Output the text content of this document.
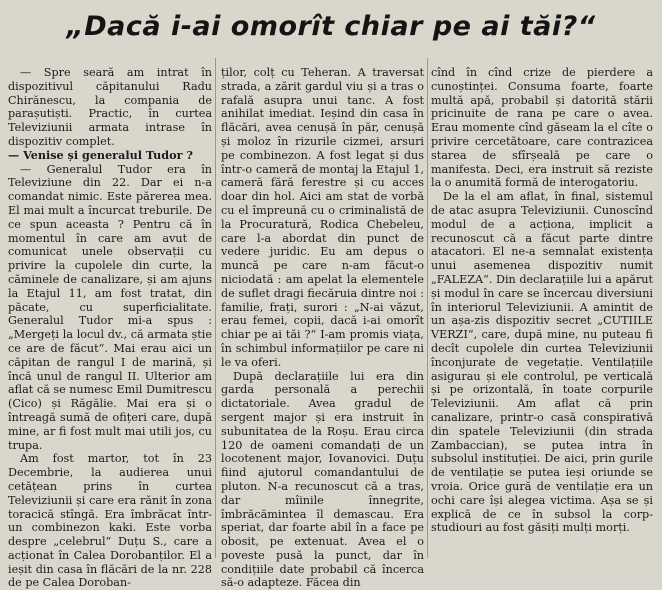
„Dacă i-ai omorît chiar pe ai tăi?“

— Spre seară am intrat în dispozitivul căpitanului Radu Chirănescu, la compania de parașutiști. Practic, în curtea Televiziunii armata intrase în dispozitiv complet.

— Venise și generalul Tudor ?

— Generalul Tudor era în Televiziune din 22. Dar ei n-a comandat nimic. Este părerea mea. El mai mult a încurcat treburile. De ce spun aceasta ? Pentru că în momentul în care am avut de comunicat unele observații cu privire la cupolele din curte, la căminele de canalizare, și am ajuns la Etajul 11, am fost tratat, din păcate, cu superficialitate. Generalul Tudor mi-a spus : „Mergeți la locul dv., că armata știe ce are de făcut“. Mai erau aici un căpitan de rangul I de marină, și încă unul de rangul II. Ulterior am aflat că se numesc Emil Dumitrescu (Cico) și Răgălie. Mai era și o întreagă sumă de ofițeri care, după mine, ar fi fost mult mai utili jos, cu trupa.

Am fost martor, tot în 23 Decembrie, la audierea unui cetățean prins în curtea Televiziunii și care era rănit în zona toracică stîngă. Era îmbrăcat într-un combinezon kaki. Este vorba despre „celebrul“ Duțu S., care a acționat în Calea Dorobanților. El a ieșit din casa în flăcări de la nr. 228 de pe Calea Doroban-

ților, colț cu Teheran. A traversat strada, a zărit gardul viu și a tras o rafală asupra unui tanc. A fost anihilat imediat. Ieșind din casa în flăcări, avea cenușă în păr, cenușă și moloz în rizurile cizmei, arsuri pe combinezon. A fost legat și dus într-o cameră de montaj la Etajul 1, cameră fără ferestre și cu acces doar din hol. Aici am stat de vorbă cu el împreună cu o criminalistă de la Procuratură, Rodica Chebeleu, care l-a abordat din punct de vedere juridic. Eu am depus o muncă pe care n-am făcut-o niciodată : am apelat la elementele de suflet dragi fiecăruia dintre noi : familie, frați, surori : „N-ai văzut, erau femei, copii, dacă i-ai omorît chiar pe ai tăi ?“ I-am promis viața, în schimbul informațiilor pe care ni le va oferi.

După declarațiile lui era din garda personală a perechii dictatoriale. Avea gradul de sergent major și era instruit în subunitatea de la Roșu. Erau circa 120 de oameni comandați de un locotenent major, Iovanovici. Duțu fiind ajutorul comandantului de pluton. N-a recunoscut că a tras, dar mîinile înnegrite, îmbrăcămintea îl demascau. Era speriat, dar foarte abil în a face pe obosit, pe extenuat. Avea el o poveste pusă la punct, dar în condițiile date probabil că încerca să-o adapteze. Făcea din

cînd în cînd crize de pierdere a cunoștinței. Consuma foarte, foarte multă apă, probabil și datorită stării pricinuite de rana pe care o avea. Erau momente cînd găseam la el cîte o privire cercetătoare, care contrazicea starea de sfîrșeală pe care o manifesta. Deci, era instruit să reziste la o anumită formă de interogatoriu.

De la el am aflat, în final, sistemul de atac asupra Televiziunii. Cunoscînd modul de a acționa, implicit a recunoscut că a făcut parte dintre atacatori. El ne-a semnalat existența unui asemenea dispozitiv numit „FALEZA“. Din declarațiile lui a apărut și modul în care se încercau diversiuni în interiorul Televiziunii. A amintit de un așa-zis dispozitiv secret „CUTIILE VERZI“, care, după mine, nu puteau fi decît cupolele din curtea Televiziunii înconjurate de vegetație. Ventilațiile asigurau și ele controlul, pe verticală și pe orizontală, în toate corpurile Televiziunii. Am aflat că prin canalizare, printr-o casă conspirativă din spatele Televiziunii (din strada Zambaccian), se putea intra în subsolul instituției. De aici, prin gurile de ventilație se putea ieși oriunde se vroia. Orice gură de ventilație era un ochi care își alegea victima. Așa se și explică de ce în subsol la corp-studiouri au fost găsiți mulți morți.
